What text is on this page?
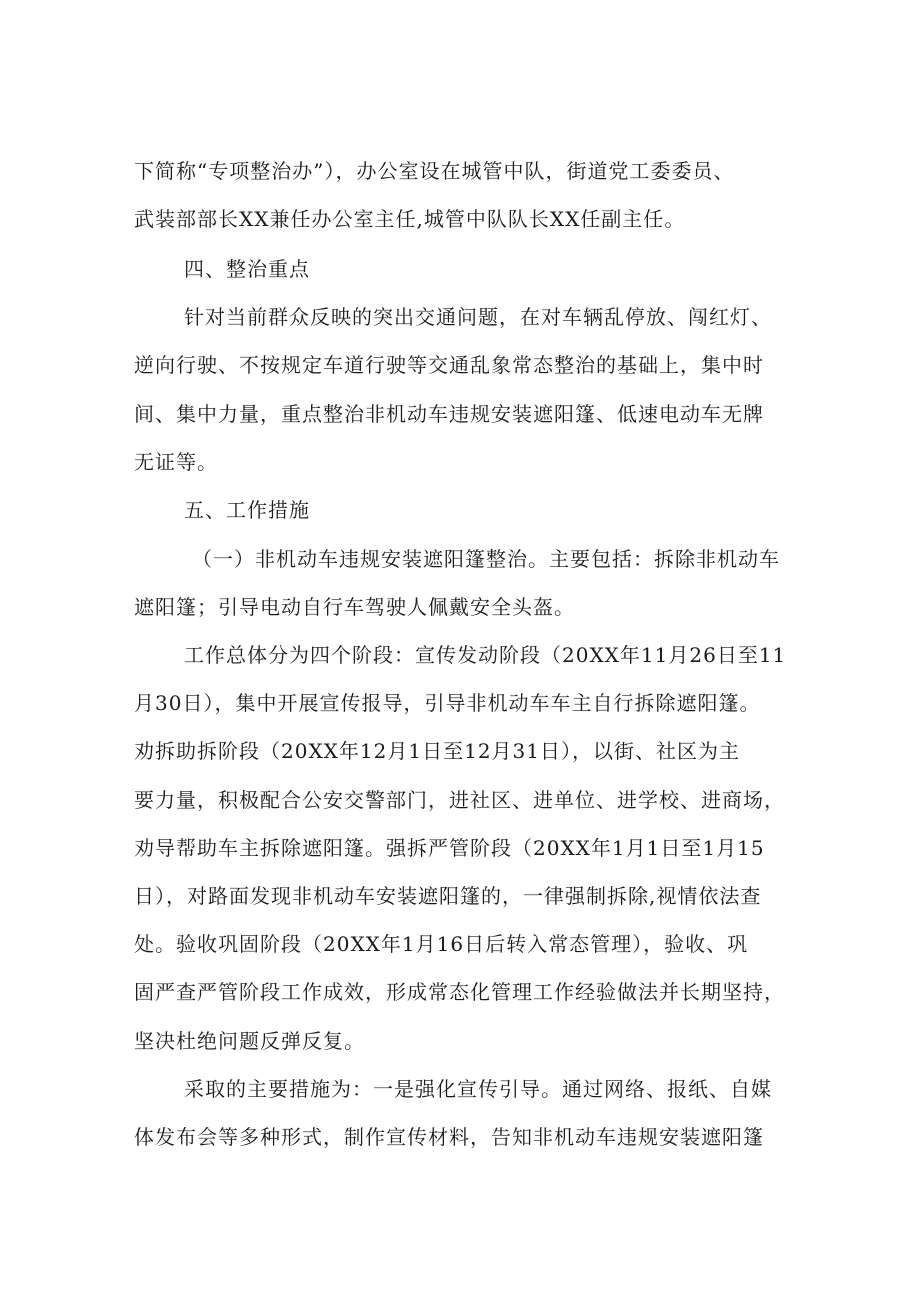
下简称“专项整治办”），办公室设在城管中队，街道党工委委员、
武装部部长XX兼任办公室主任,城管中队队长XX任副主任。
四、整治重点
针对当前群众反映的突出交通问题，在对车辆乱停放、闯红灯、
逆向行驶、不按规定车道行驶等交通乱象常态整治的基础上，集中时
间、集中力量，重点整治非机动车违规安装遮阳篷、低速电动车无牌
无证等。
五、工作措施
（一）非机动车违规安装遮阳篷整治。主要包括：拆除非机动车
遮阳篷；引导电动自行车驾驶人佩戴安全头盔。
工作总体分为四个阶段：宣传发动阶段（20XX年11月26日至11
月30日），集中开展宣传报导，引导非机动车车主自行拆除遮阳篷。
劝拆助拆阶段（20XX年12月1日至12月31日），以街、社区为主
要力量，积极配合公安交警部门，进社区、进单位、进学校、进商场，
劝导帮助车主拆除遮阳篷。强拆严管阶段（20XX年1月1日至1月15
日），对路面发现非机动车安装遮阳篷的，一律强制拆除,视情依法查
处。验收巩固阶段（20XX年1月16日后转入常态管理），验收、巩
固严查严管阶段工作成效，形成常态化管理工作经验做法并长期坚持，
坚决杜绝问题反弹反复。
采取的主要措施为：一是强化宣传引导。通过网络、报纸、自媒
体发布会等多种形式，制作宣传材料，告知非机动车违规安装遮阳篷
